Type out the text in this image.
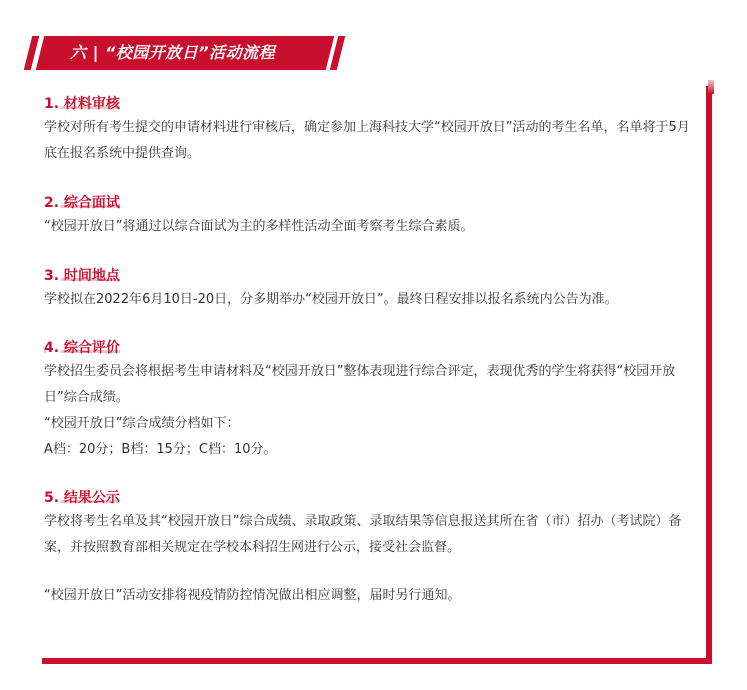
六 | “校园开放日”活动流程

1. 材料审核

学校对所有考生提交的申请材料进行审核后，确定参加上海科技大学“校园开放日”活动的考生名单，名单将于5月底在报名系统中提供查询。

2. 综合面试

“校园开放日”将通过以综合面试为主的多样性活动全面考察考生综合素质。

3. 时间地点

学校拟在2022年6月10日-20日，分多期举办“校园开放日”。最终日程安排以报名系统内公告为准。

4. 综合评价

学校招生委员会将根据考生申请材料及“校园开放日”整体表现进行综合评定，表现优秀的学生将获得“校园开放日”综合成绩。

“校园开放日”综合成绩分档如下：

A档：20分；B档：15分；C档：10分。

5. 结果公示

学校将考生名单及其“校园开放日”综合成绩、录取政策、录取结果等信息报送其所在省（市）招办（考试院）备案，并按照教育部相关规定在学校本科招生网进行公示，接受社会监督。

“校园开放日”活动安排将视疫情防控情况做出相应调整，届时另行通知。
